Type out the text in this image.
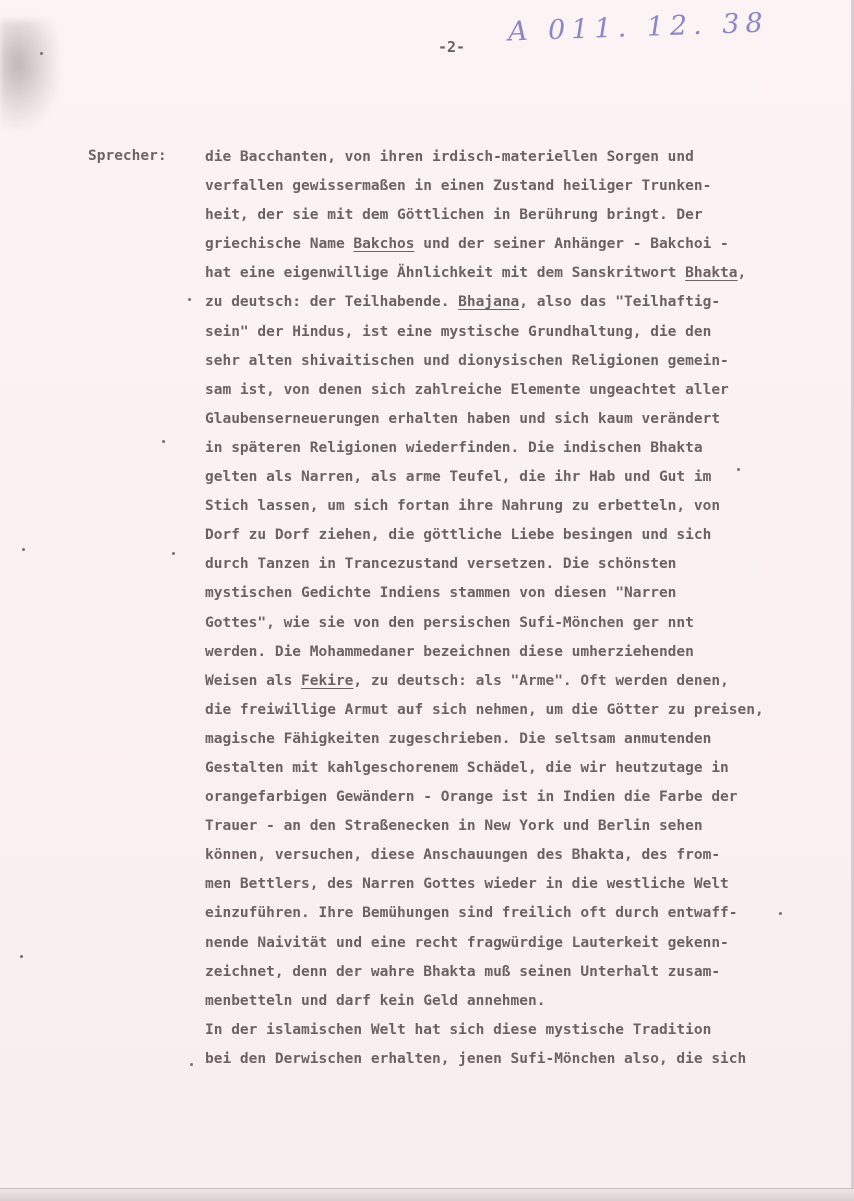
-2- A 011. 12. 38
Sprecher:	die Bacchanten, von ihren irdisch-materiellen Sorgen und
verfallen gewissermaßen in einen Zustand heiliger Trunken-
heit, der sie mit dem Göttlichen in Berührung bringt. Der
griechische Name Bakchos und der seiner Anhänger - Bakchoi -
hat eine eigenwillige Ähnlichkeit mit dem Sanskritwort Bhakta,
zu deutsch: der Teilhabende. Bhajana, also das "Teilhaftig-
sein" der Hindus, ist eine mystische Grundhaltung, die den
sehr alten shivaitischen und dionysischen Religionen gemein-
sam ist, von denen sich zahlreiche Elemente ungeachtet aller
Glaubenserneuerungen erhalten haben und sich kaum verändert
in späteren Religionen wiederfinden. Die indischen Bhakta
gelten als Narren, als arme Teufel, die ihr Hab und Gut im
Stich lassen, um sich fortan ihre Nahrung zu erbetteln, von
Dorf zu Dorf ziehen, die göttliche Liebe besingen und sich
durch Tanzen in Trancezustand versetzen. Die schönsten
mystischen Gedichte Indiens stammen von diesen "Narren
Gottes", wie sie von den persischen Sufi-Mönchen ger nnt
werden. Die Mohammedaner bezeichnen diese umherziehenden
Weisen als Fekire, zu deutsch: als "Arme". Oft werden denen,
die freiwillige Armut auf sich nehmen, um die Götter zu preisen,
magische Fähigkeiten zugeschrieben. Die seltsam anmutenden
Gestalten mit kahlgeschorenem Schädel, die wir heutzutage in
orangefarbigen Gewändern - Orange ist in Indien die Farbe der
Trauer - an den Straßenecken in New York und Berlin sehen
können, versuchen, diese Anschauungen des Bhakta, des from-
men Bettlers, des Narren Gottes wieder in die westliche Welt
einzuführen. Ihre Bemühungen sind freilich oft durch entwaff-
nende Naivität und eine recht fragwürdige Lauterkeit gekenn-
zeichnet, denn der wahre Bhakta muß seinen Unterhalt zusam-
menbetteln und darf kein Geld annehmen.
In der islamischen Welt hat sich diese mystische Tradition
bei den Derwischen erhalten, jenen Sufi-Mönchen also, die sich
